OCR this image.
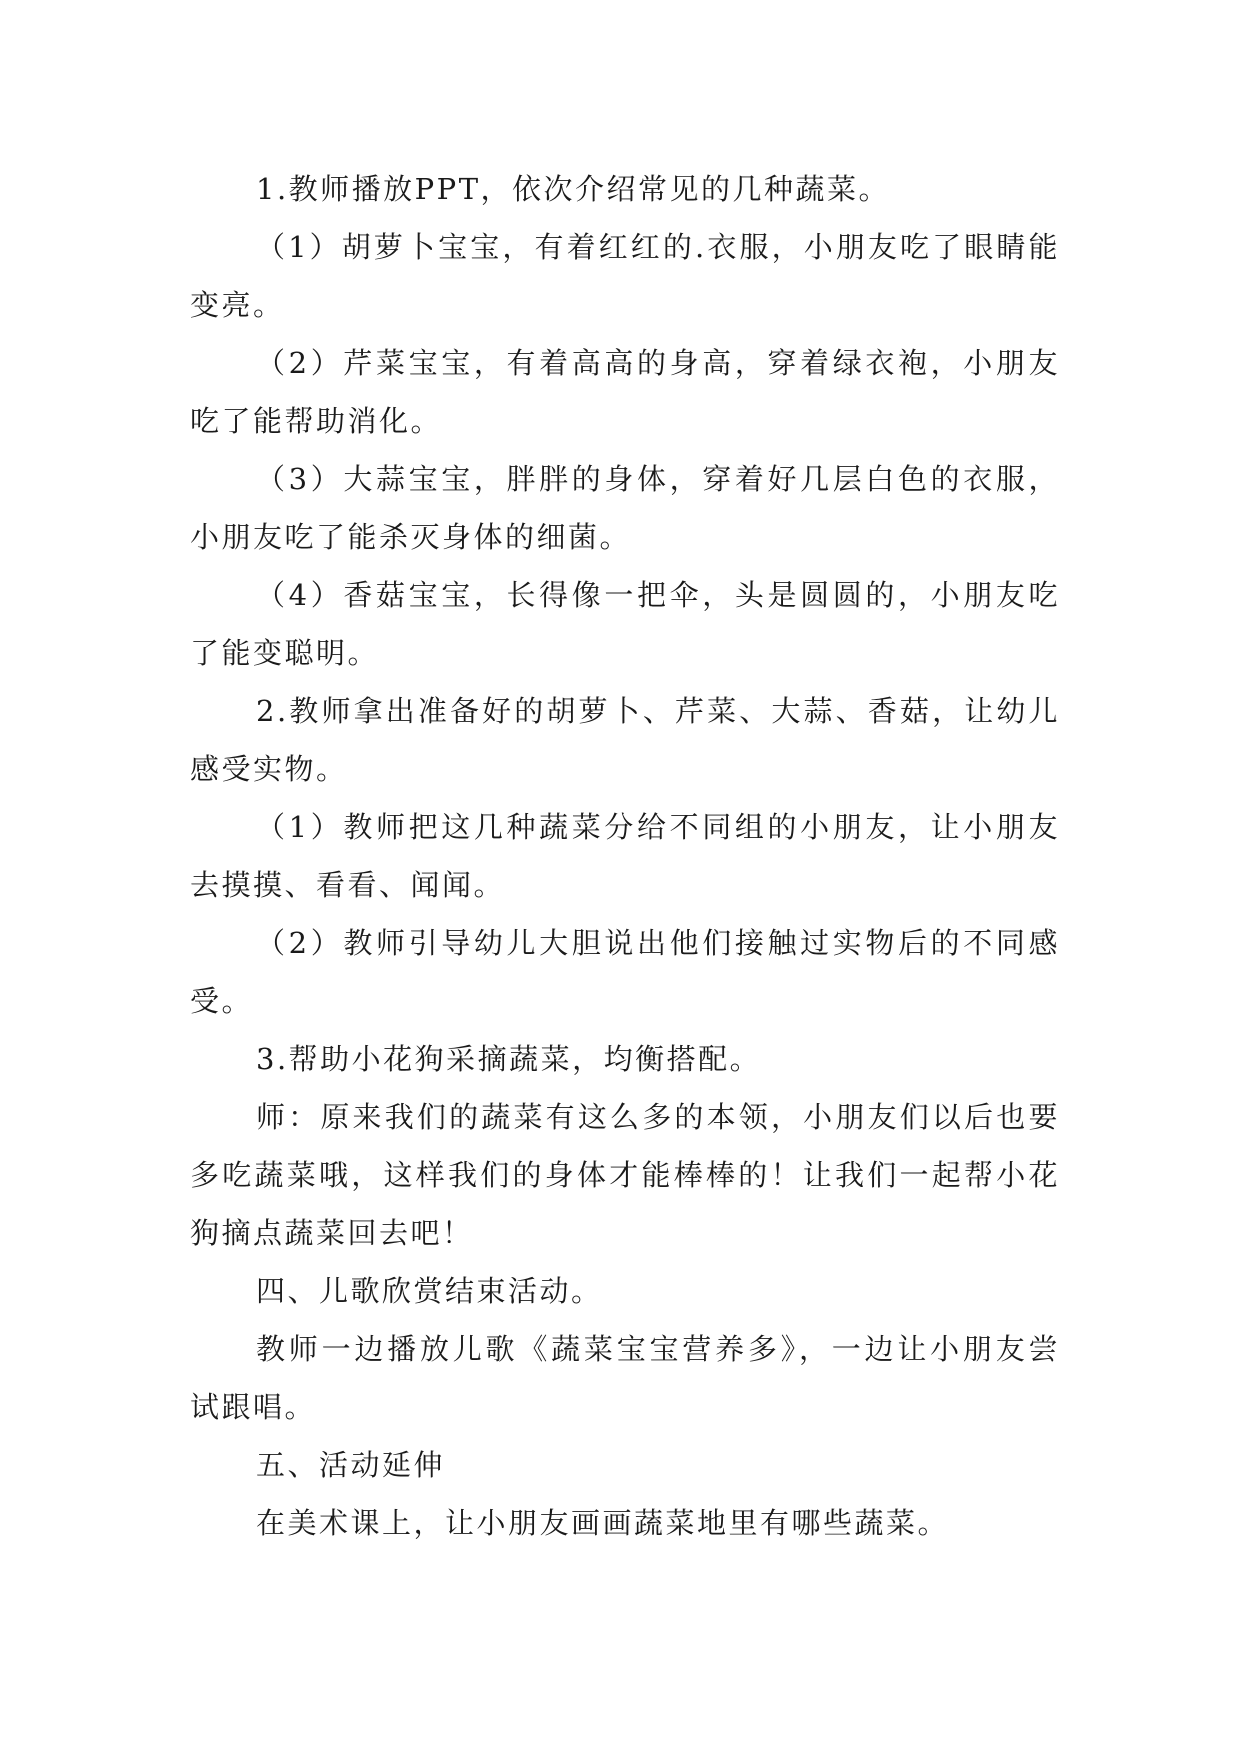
1.教师播放PPT，依次介绍常见的几种蔬菜。

（1）胡萝卜宝宝，有着红红的.衣服，小朋友吃了眼睛能变亮。

（2）芹菜宝宝，有着高高的身高，穿着绿衣袍，小朋友吃了能帮助消化。

（3）大蒜宝宝，胖胖的身体，穿着好几层白色的衣服，小朋友吃了能杀灭身体的细菌。

（4）香菇宝宝，长得像一把伞，头是圆圆的，小朋友吃了能变聪明。

2.教师拿出准备好的胡萝卜、芹菜、大蒜、香菇，让幼儿感受实物。

（1）教师把这几种蔬菜分给不同组的小朋友，让小朋友去摸摸、看看、闻闻。

（2）教师引导幼儿大胆说出他们接触过实物后的不同感受。

3.帮助小花狗采摘蔬菜，均衡搭配。

师：原来我们的蔬菜有这么多的本领，小朋友们以后也要多吃蔬菜哦，这样我们的身体才能棒棒的！让我们一起帮小花狗摘点蔬菜回去吧！

四、儿歌欣赏结束活动。

教师一边播放儿歌《蔬菜宝宝营养多》，一边让小朋友尝试跟唱。

五、活动延伸

在美术课上，让小朋友画画蔬菜地里有哪些蔬菜。
